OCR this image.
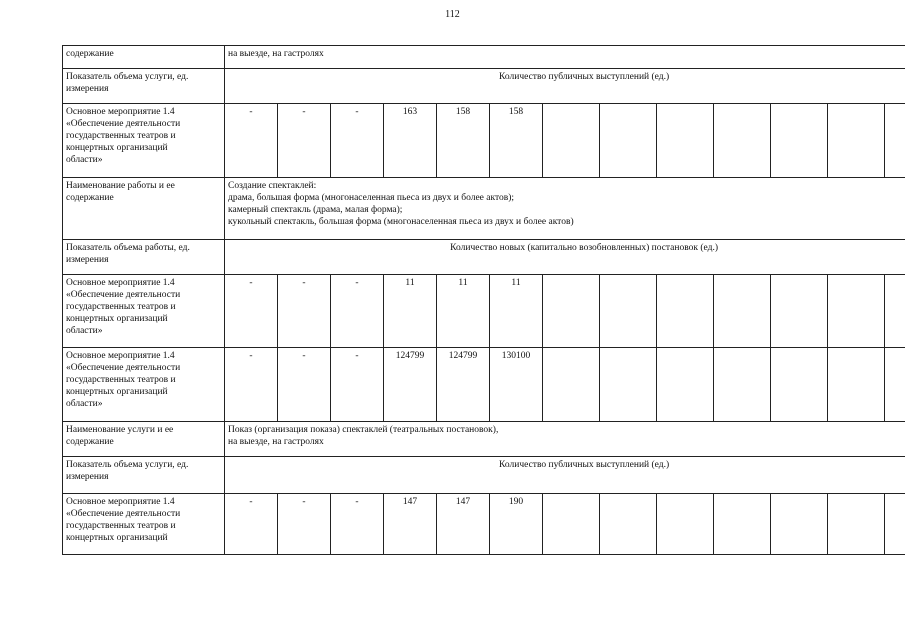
112
содержание	на выезде, на гастролях												

Показатель объема услуги, ед.
измерения	Количество публичных выступлений (ед.)												

Основное мероприятие 1.4
«Обеспечение деятельности
государственных театров и
концертных организаций
области»	-	-	-	163	158	158							

Наименование работы и ее
содержание	Создание спектаклей:
драма, большая форма (многонаселенная пьеса из двух и более актов);
камерный спектакль (драма, малая форма);
кукольный спектакль, большая форма (многонаселенная пьеса из двух и более актов)												

Показатель объема работы, ед.
измерения	Количество новых (капитально возобновленных) постановок (ед.)												

Основное мероприятие 1.4
«Обеспечение деятельности
государственных театров и
концертных организаций
области»	-	-	-	11	11	11							

Основное мероприятие 1.4
«Обеспечение деятельности
государственных театров и
концертных организаций
области»	-	-	-	124799	124799	130100							

Наименование услуги и ее
содержание	Показ (организация показа) спектаклей (театральных постановок),
на выезде, на гастролях												

Показатель объема услуги, ед.
измерения	Количество публичных выступлений (ед.)												

Основное мероприятие 1.4
«Обеспечение деятельности
государственных театров и
концертных организаций	-	-	-	147	147	190							
